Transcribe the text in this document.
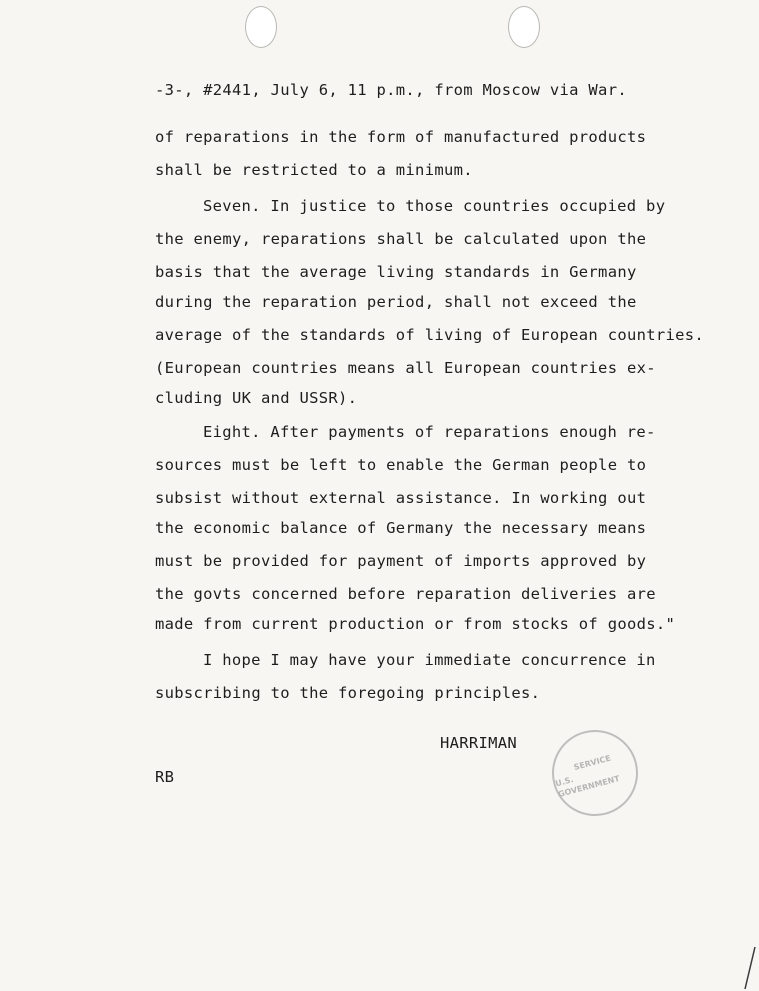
-3-, #2441, July 6, 11 p.m., from Moscow via War.
of reparations in the form of manufactured products
shall be restricted to a minimum.
Seven. In justice to those countries occupied by
the enemy, reparations shall be calculated upon the
basis that the average living standards in Germany
during the reparation period, shall not exceed the
average of the standards of living of European countries.
(European countries means all European countries ex-
cluding UK and USSR).
Eight. After payments of reparations enough re-
sources must be left to enable the German people to
subsist without external assistance. In working out
the economic balance of Germany the necessary means
must be provided for payment of imports approved by
the govts concerned before reparation deliveries are
made from current production or from stocks of goods."
I hope I may have your immediate concurrence in
subscribing to the foregoing principles.
HARRIMAN
RB
SERVICE
U.S. GOVERNMENT
